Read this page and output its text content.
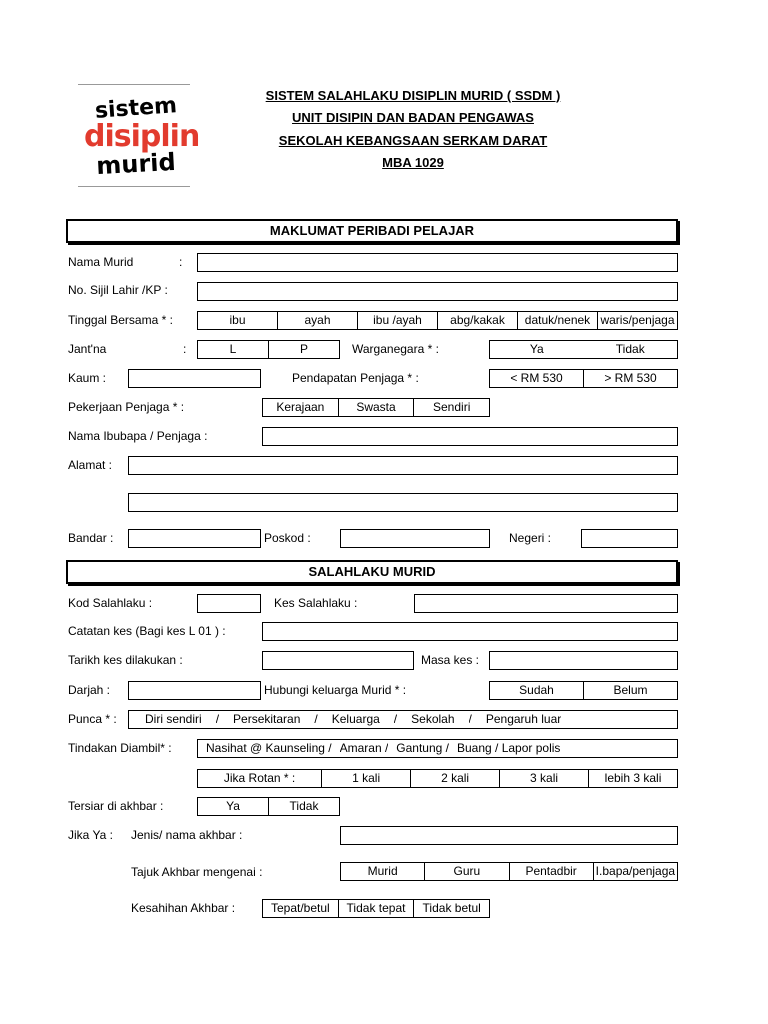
sistem
disiplin
murid
SISTEM SALAHLAKU DISIPLIN MURID ( SSDM )
UNIT DISIPIN DAN BADAN PENGAWAS
SEKOLAH KEBANGSAAN SERKAM DARAT
MBA 1029
MAKLUMAT PERIBADI PELAJAR
Nama Murid	:
No. Sijil Lahir /KP :
Tinggal Bersama * :	ibu	ayah	ibu /ayah	abg/kakak	datuk/nenek waris/penjaga
Jant'na	:	L	P	Warganegara * :	Ya	Tidak
Kaum :	Pendapatan Penjaga * :	< RM 530	> RM 530
Pekerjaan Penjaga * :	Kerajaan	Swasta	Sendiri
Nama Ibubapa / Penjaga :
Alamat :
Bandar :	Poskod :	Negeri :
SALAHLAKU MURID
Kod Salahlaku :	Kes Salahlaku :
Catatan kes (Bagi kes L 01 ) :
Tarikh kes dilakukan :	Masa kes :
Darjah :	Hubungi keluarga Murid * :	Sudah	Belum
Punca * : Diri sendiri / Persekitaran / Keluarga / Sekolah / Pengaruh luar
Tindakan Diambil* :	Nasihat @ Kaunseling / Amaran / Gantung / Buang / Lapor polis
Jika Rotan * :	1 kali	2 kali	3 kali	lebih 3 kali
Tersiar di akhbar :	Ya	Tidak
Jika Ya : Jenis/ nama akhbar :
Tajuk Akhbar mengenai :	Murid	Guru	Pentadbir	I.bapa/penjaga
Kesahihan Akhbar :	Tepat/betul	Tidak tepat	Tidak betul
